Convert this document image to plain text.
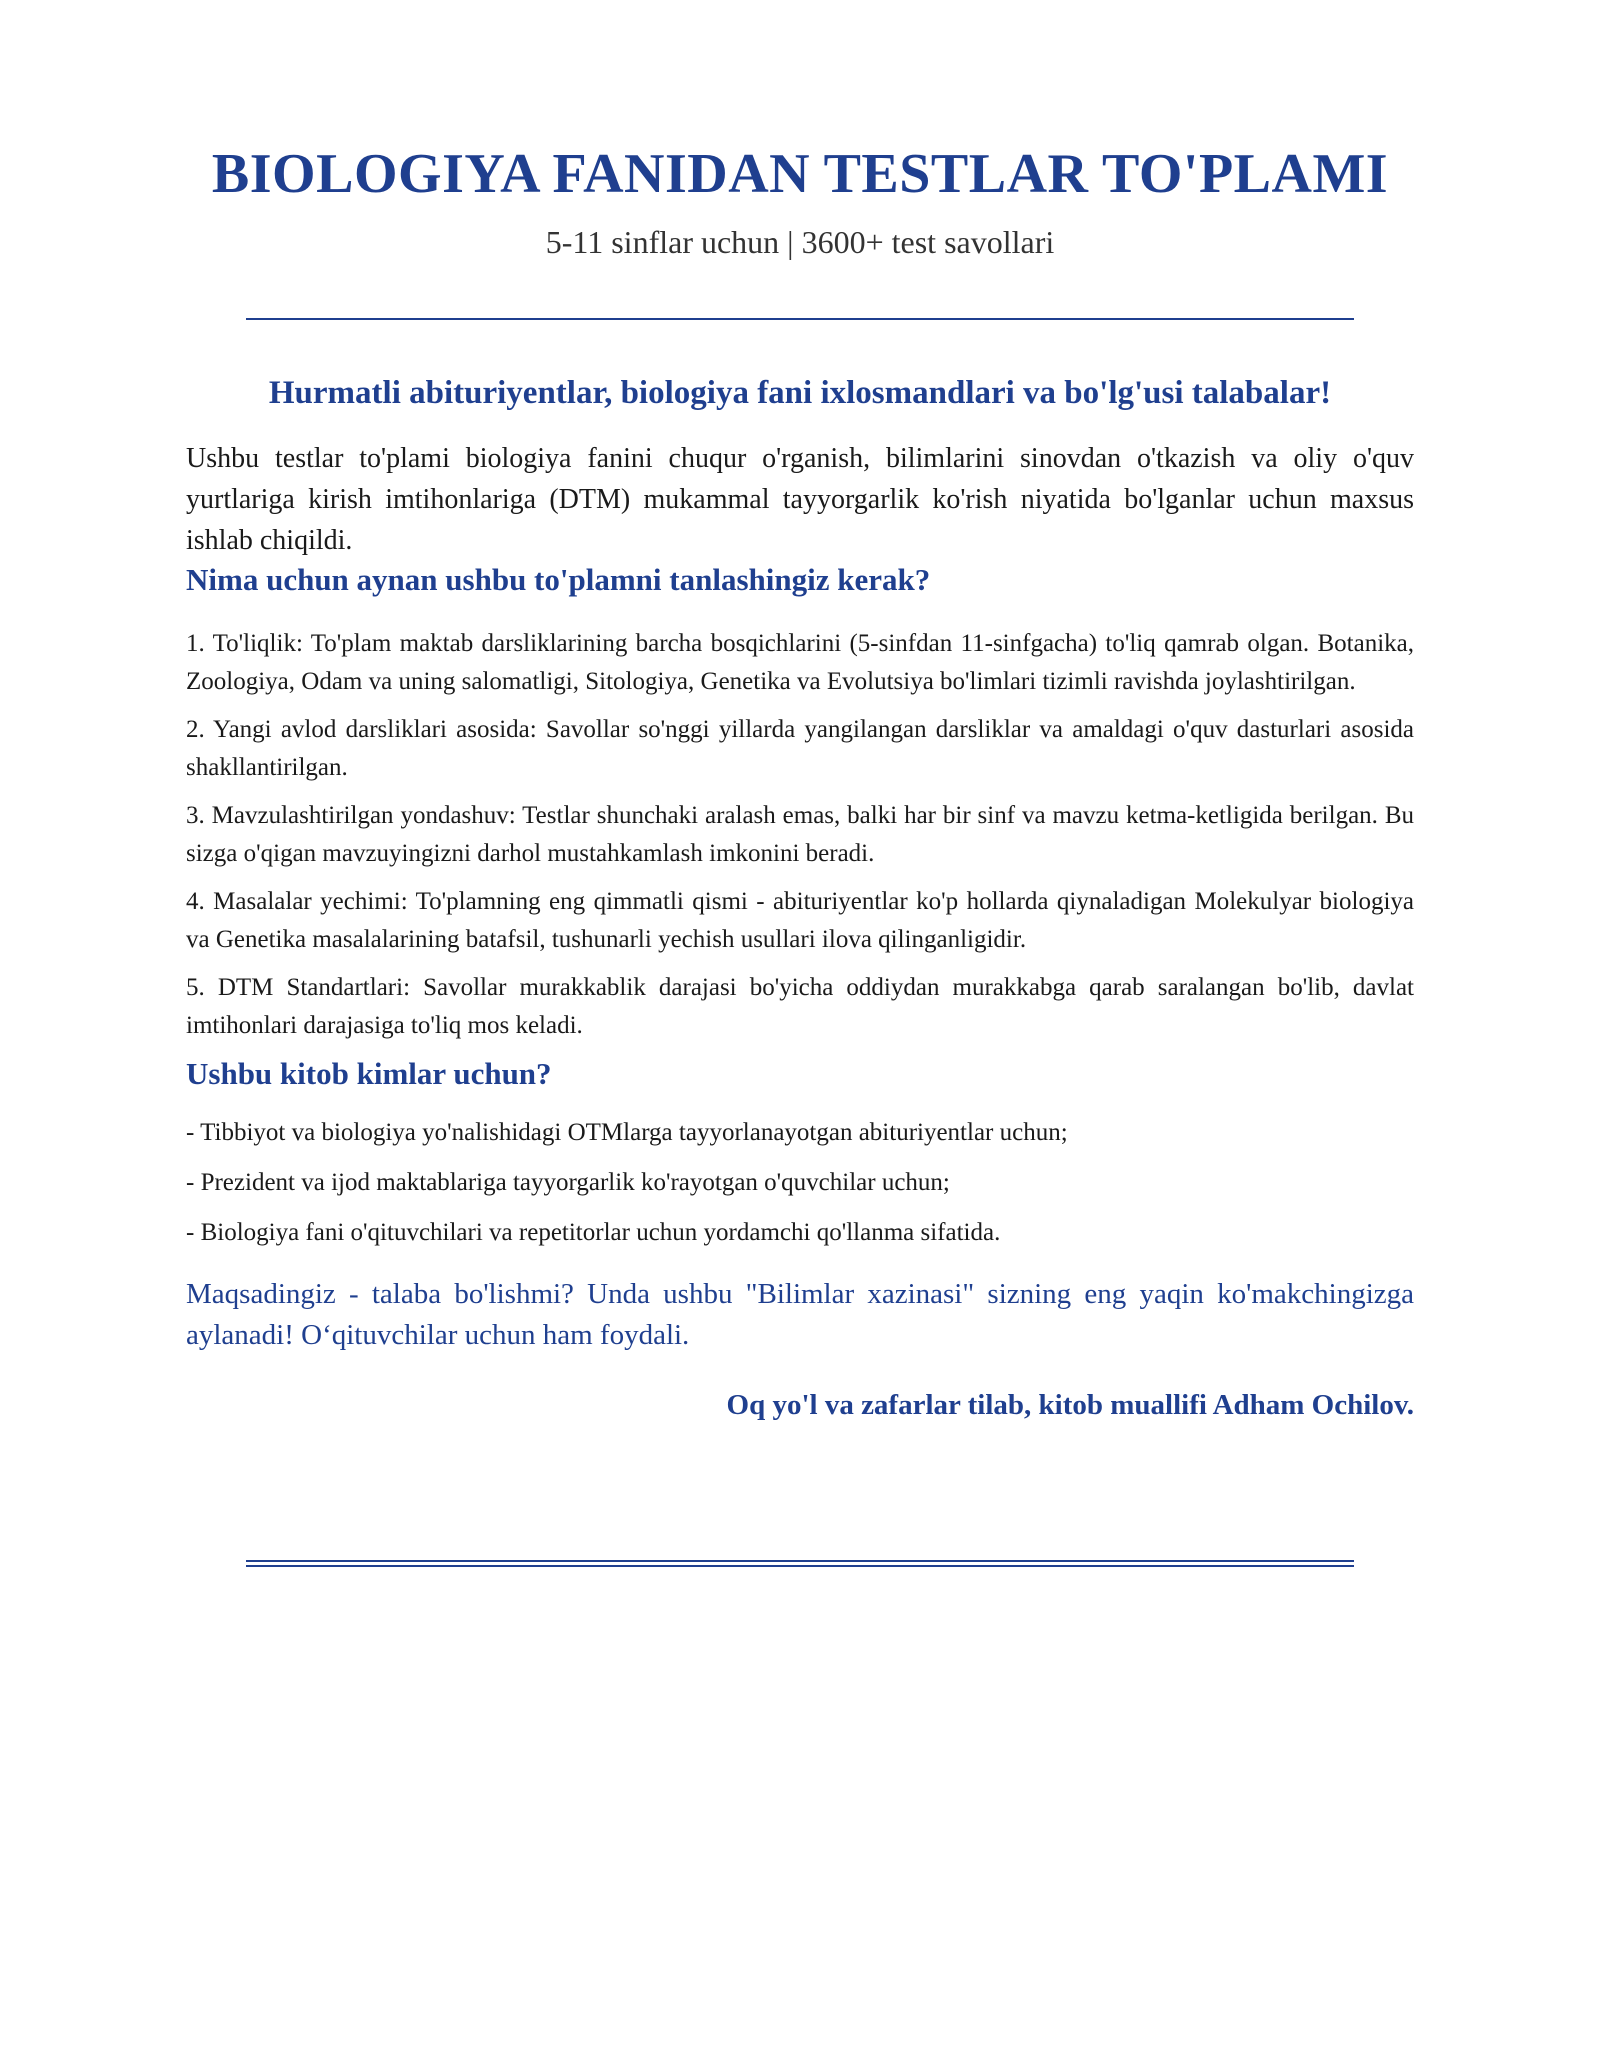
BIOLOGIYA FANIDAN TESTLAR TO'PLAMI
5-11 sinflar uchun | 3600+ test savollari
Hurmatli abituriyentlar, biologiya fani ixlosmandlari va bo'lg'usi talabalar!

Ushbu testlar to'plami biologiya fanini chuqur o'rganish, bilimlarini sinovdan o'tkazish va oliy o'quv yurtlariga kirish imtihonlariga (DTM) mukammal tayyorgarlik ko'rish niyatida bo'lganlar uchun maxsus ishlab chiqildi.

Nima uchun aynan ushbu to'plamni tanlashingiz kerak?

1. To'liqlik: To'plam maktab darsliklarining barcha bosqichlarini (5-sinfdan 11-sinfgacha) to'liq qamrab olgan. Botanika, Zoologiya, Odam va uning salomatligi, Sitologiya, Genetika va Evolutsiya bo'limlari tizimli ravishda joylashtirilgan.

2. Yangi avlod darsliklari asosida: Savollar so'nggi yillarda yangilangan darsliklar va amaldagi o'quv dasturlari asosida shakllantirilgan.

3. Mavzulashtirilgan yondashuv: Testlar shunchaki aralash emas, balki har bir sinf va mavzu ketma-ketligida berilgan. Bu sizga o'qigan mavzuyingizni darhol mustahkamlash imkonini beradi.

4. Masalalar yechimi: To'plamning eng qimmatli qismi - abituriyentlar ko'p hollarda qiynaladigan Molekulyar biologiya va Genetika masalalarining batafsil, tushunarli yechish usullari ilova qilinganligidir.

5. DTM Standartlari: Savollar murakkablik darajasi bo'yicha oddiydan murakkabga qarab saralangan bo'lib, davlat imtihonlari darajasiga to'liq mos keladi.

Ushbu kitob kimlar uchun?

- Tibbiyot va biologiya yo'nalishidagi OTMlarga tayyorlanayotgan abituriyentlar uchun;

- Prezident va ijod maktablariga tayyorgarlik ko'rayotgan o'quvchilar uchun;

- Biologiya fani o'qituvchilari va repetitorlar uchun yordamchi qo'llanma sifatida.

Maqsadingiz - talaba bo'lishmi? Unda ushbu "Bilimlar xazinasi" sizning eng yaqin ko'makchingizga aylanadi! O‘qituvchilar uchun ham foydali.

Oq yo'l va zafarlar tilab, kitob muallifi Adham Ochilov.
